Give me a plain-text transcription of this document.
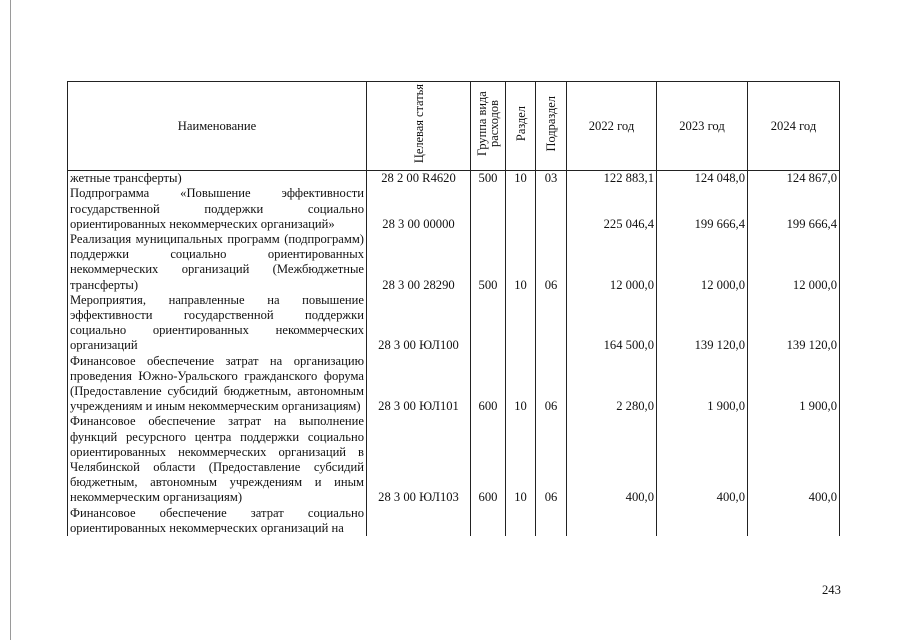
Наименование	Целевая статья	Группа вида расходов	Раздел	Подраздел	2022 год	2023 год	2024 год
жетные трансферты)	28 2 00 R4620	500	10	03	122 883,1	124 048,0	124 867,0
Подпрограмма «Повышение эффективности государственной поддержки социально ориентированных некоммерческих организаций»	28 3 00 00000				225 046,4	199 666,4	199 666,4
Реализация муниципальных программ (подпрограмм) поддержки социально ориентированных некоммерческих организаций (Межбюджетные трансферты)	28 3 00 28290	500	10	06	12 000,0	12 000,0	12 000,0
Мероприятия, направленные на повышение эффективности государственной поддержки социально ориентированных некоммерческих организаций	28 3 00 ЮЛ100				164 500,0	139 120,0	139 120,0
Финансовое обеспечение затрат на организацию проведения Южно-Уральского гражданского форума (Предоставление субсидий бюджетным, автономным учреждениям и иным некоммерческим организациям)	28 3 00 ЮЛ101	600	10	06	2 280,0	1 900,0	1 900,0
Финансовое обеспечение затрат на выполнение функций ресурсного центра поддержки социально ориентированных некоммерческих организаций в Челябинской области (Предоставление субсидий бюджетным, автономным учреждениям и иным некоммерческим организациям)	28 3 00 ЮЛ103	600	10	06	400,0	400,0	400,0
Финансовое обеспечение затрат социально ориентированных некоммерческих организаций на							
243
